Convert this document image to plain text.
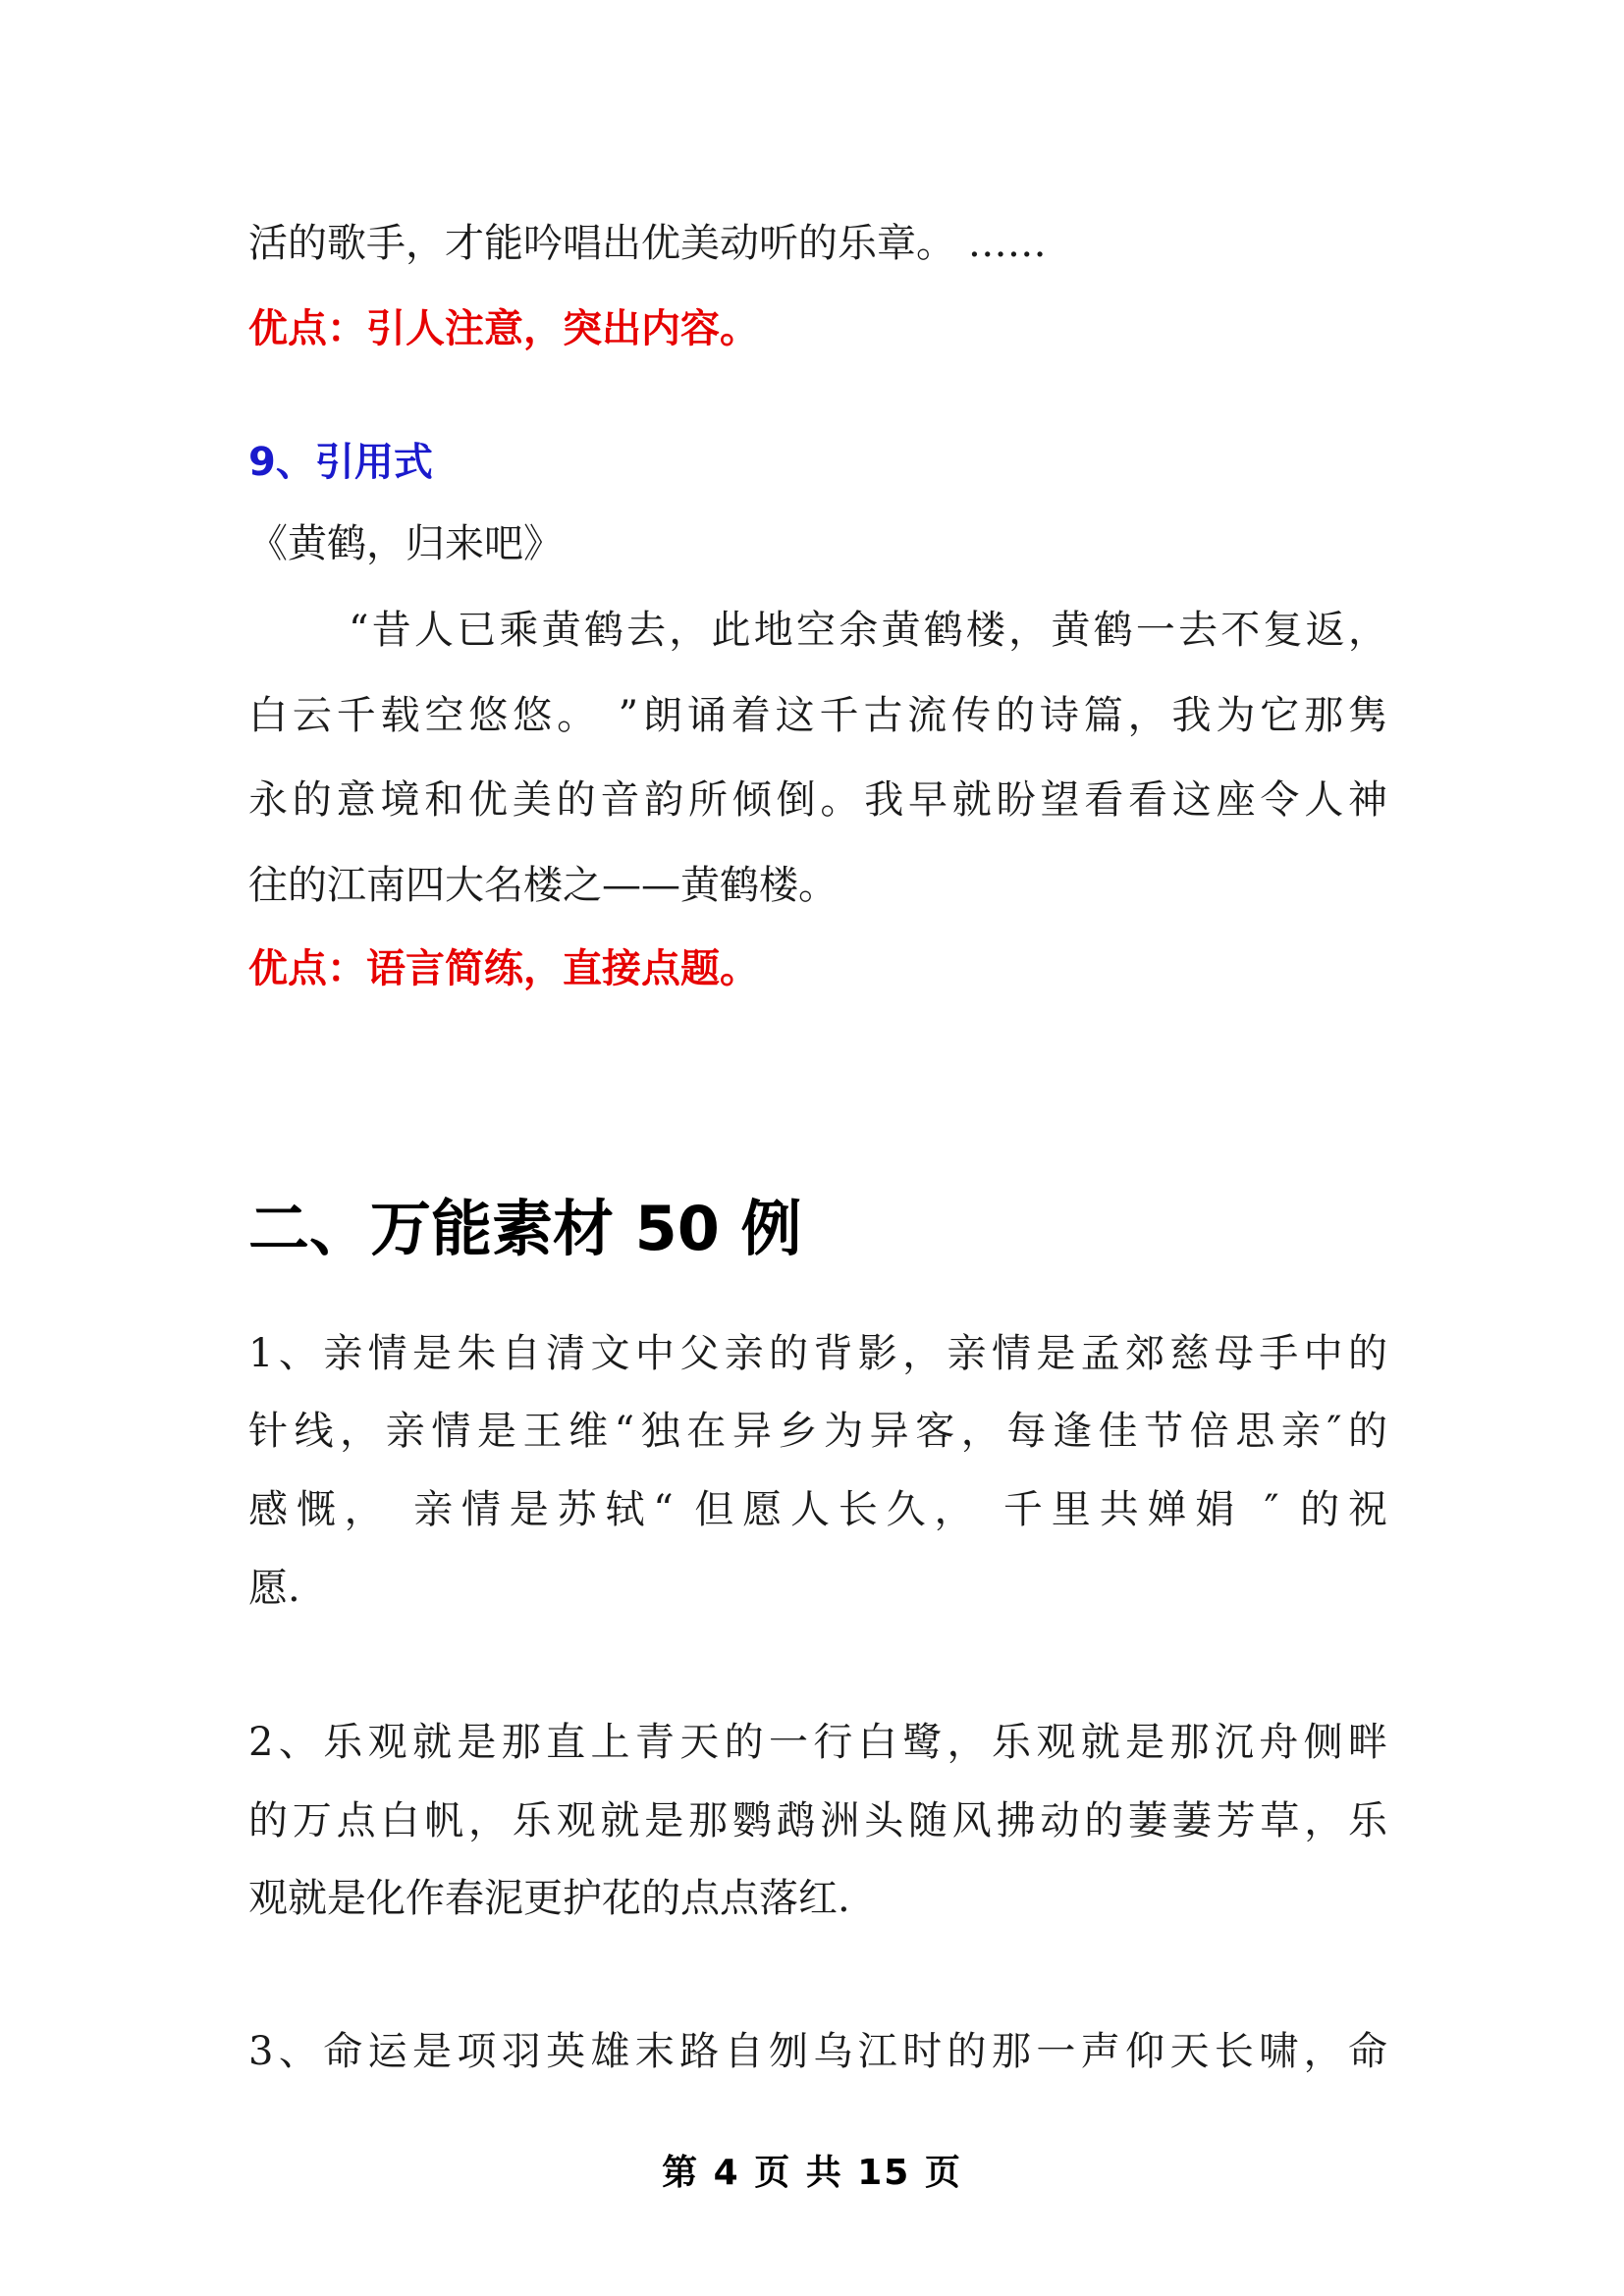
活的歌手，才能吟唱出优美动听的乐章。 ……
优点：引人注意，突出内容。
9、引用式
《黄鹤，归来吧》
“昔人已乘黄鹤去，此地空余黄鹤楼，黄鹤一去不复返，
白云千载空悠悠。 ”朗诵着这千古流传的诗篇，我为它那隽
永的意境和优美的音韵所倾倒。我早就盼望看看这座令人神
往的江南四大名楼之——黄鹤楼。
优点：语言简练，直接点题。
二、万能素材 50 例
1、亲情是朱自清文中父亲的背影，亲情是孟郊慈母手中的
针线，亲情是王维“独在异乡为异客，每逢佳节倍思亲″的
感慨， 亲情是苏轼“ 但愿人长久， 千里共婵娟 ″ 的祝
愿.
2、乐观就是那直上青天的一行白鹭，乐观就是那沉舟侧畔
的万点白帆，乐观就是那鹦鹉洲头随风拂动的萋萋芳草，乐
观就是化作春泥更护花的点点落红.
3、命运是项羽英雄末路自刎乌江时的那一声仰天长啸，命
第 4 页 共 15 页
